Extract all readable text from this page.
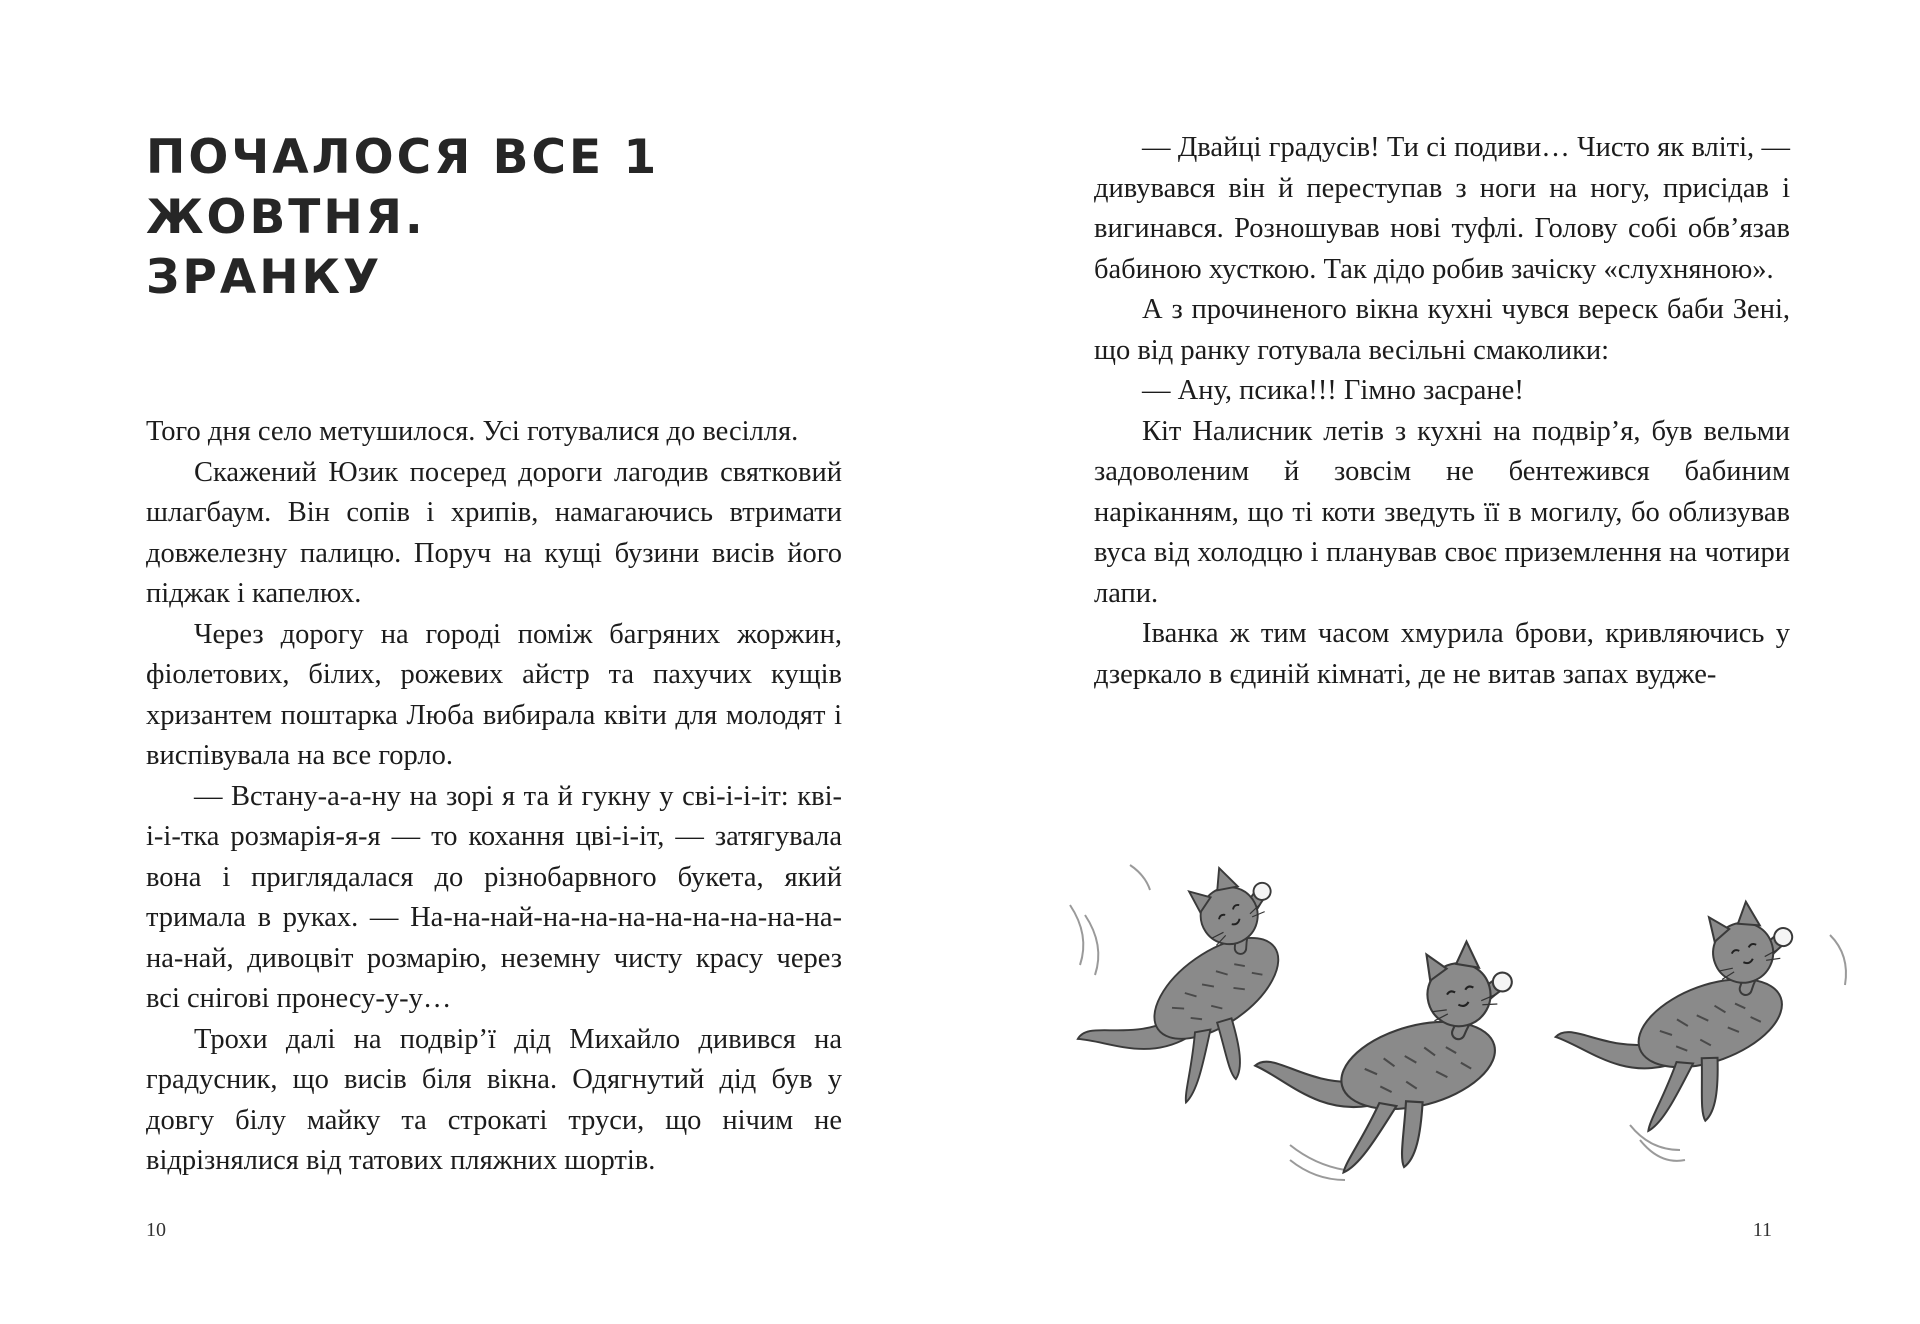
ПОЧАЛОСЯ ВСЕ 1 ЖОВТНЯ.
ЗРАНКУ

Того дня село метушилося. Усі готувалися до весілля.

Скажений Юзик посеред дороги лагодив святковий шлагбаум. Він сопів і хрипів, намагаючись втримати довжелезну палицю. Поруч на кущі бузини висів його піджак і капелюх.

Через дорогу на городі поміж багряних жоржин, фіолетових, білих, рожевих айстр та пахучих кущів хризантем поштарка Люба вибирала квіти для молодят і виспівувала на все горло.

— Встану-а-а-ну на зорі я та й гукну у сві-і-і-іт: кві-і-і-тка розмарія-я-я — то кохання цві-і-іт, — затягувала вона і приглядалася до різнобарвного букета, який тримала в руках. — На-на-най-на-на-на-на-на-на-на-на-на-най, дивоцвіт розмарію, неземну чисту красу через всі снігові пронесу-у-у…

Трохи далі на подвір’ї дід Михайло дивився на градусник, що висів біля вікна. Одягнутий дід був у довгу білу майку та строкаті труси, що нічим не відрізнялися від татових пляжних шортів.

10

— Двайці градусів! Ти сі подиви… Чисто як вліті, — дивувався він й переступав з ноги на ногу, присідав і вигинався. Розношував нові туфлі. Голову собі обв’язав бабиною хусткою. Так дідо робив зачіску «слухняною».

А з прочиненого вікна кухні чувся вереск баби Зені, що від ранку готувала весільні смаколики:

— Ану, псика!!! Гімно засране!

Кіт Налисник летів з кухні на подвір’я, був вельми задоволеним й зовсім не бентежився бабиним наріканням, що ті коти зведуть її в могилу, бо облизував вуса від холодцю і планував своє приземлення на чотири лапи.

Іванка ж тим часом хмурила брови, кривляючись у дзеркало в єдиній кімнаті, де не витав запах вудже-

11
